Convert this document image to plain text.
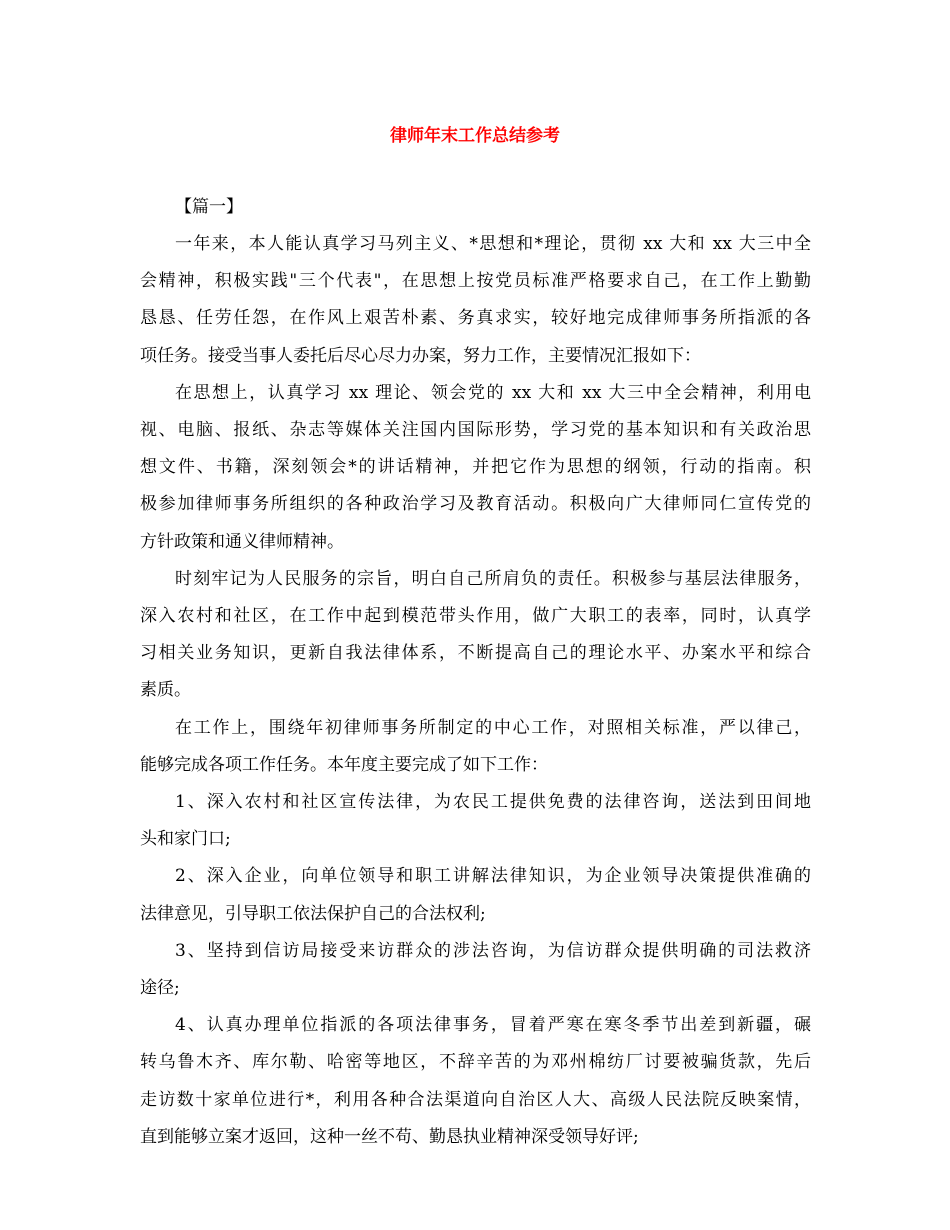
律师年末工作总结参考
【篇一】
一年来，本人能认真学习马列主义、*思想和*理论，贯彻 xx 大和 xx 大三中全
会精神，积极实践"三个代表"，在思想上按党员标准严格要求自己，在工作上勤勤
恳恳、任劳任怨，在作风上艰苦朴素、务真求实，较好地完成律师事务所指派的各
项任务。接受当事人委托后尽心尽力办案，努力工作，主要情况汇报如下：
在思想上，认真学习 xx 理论、领会党的 xx 大和 xx 大三中全会精神，利用电
视、电脑、报纸、杂志等媒体关注国内国际形势，学习党的基本知识和有关政治思
想文件、书籍，深刻领会*的讲话精神，并把它作为思想的纲领，行动的指南。积
极参加律师事务所组织的各种政治学习及教育活动。积极向广大律师同仁宣传党的
方针政策和通义律师精神。
时刻牢记为人民服务的宗旨，明白自己所肩负的责任。积极参与基层法律服务，
深入农村和社区，在工作中起到模范带头作用，做广大职工的表率，同时，认真学
习相关业务知识，更新自我法律体系，不断提高自己的理论水平、办案水平和综合
素质。
在工作上，围绕年初律师事务所制定的中心工作，对照相关标准，严以律己，
能够完成各项工作任务。本年度主要完成了如下工作：
1、深入农村和社区宣传法律，为农民工提供免费的法律咨询，送法到田间地
头和家门口;
2、深入企业，向单位领导和职工讲解法律知识，为企业领导决策提供准确的
法律意见，引导职工依法保护自己的合法权利;
3、坚持到信访局接受来访群众的涉法咨询，为信访群众提供明确的司法救济
途径;
4、认真办理单位指派的各项法律事务，冒着严寒在寒冬季节出差到新疆，碾
转乌鲁木齐、库尔勒、哈密等地区，不辞辛苦的为邓州棉纺厂讨要被骗货款，先后
走访数十家单位进行*，利用各种合法渠道向自治区人大、高级人民法院反映案情，
直到能够立案才返回，这种一丝不苟、勤恳执业精神深受领导好评;
